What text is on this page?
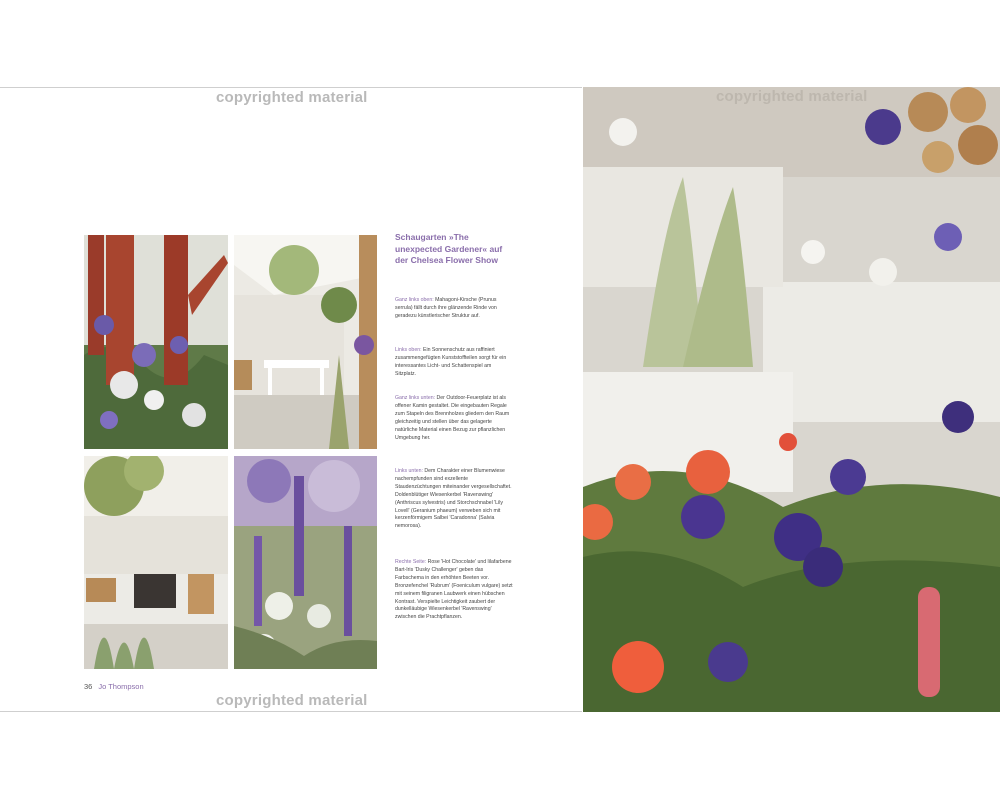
copyrighted material
copyrighted material
Schaugarten »The unexpected Gardener« auf der Chelsea Flower Show
Ganz links oben: Mahagoni-Kirsche (Prunus serrula) fällt durch ihre glänzende Rinde von geradezu künstlerischer Struktur auf.
Links oben: Ein Sonnenschutz aus raffiniert zusammengefügten Kunststoffteilen sorgt für ein interessantes Licht- und Schattenspiel am Sitzplatz.
Ganz links unten: Der Outdoor-Feuerplatz ist als offener Kamin gestaltet. Die eingebauten Regale zum Stapeln des Brennholzes gliedern den Raum gleichzeitig und stellen über das gelagerte natürliche Material einen Bezug zur pflanzlichen Umgebung her.
Links unten: Dem Charakter einer Blumenwiese nachempfunden sind exzellente Staudenzüchtungen miteinander vergesellschaftet. Doldenblütiger Wiesenkerbel 'Ravenswing' (Anthriscus sylvestris) und Storchschnabel 'Lily Lovell' (Geranium phaeum) verweben sich mit kerzenförmigem Salbei 'Caradonna' (Salvia nemorosa).
Rechte Seite: Rose 'Hot Chocolate' und lilafarbene Bart-Iris 'Dusky Challenger' geben das Farbschema in den erhöhten Beeten vor. Bronzefenchel 'Rubrum' (Foeniculum vulgare) setzt mit seinem filigranen Laubwerk einen hübschen Kontrast. Verspielte Leichtigkeit zaubert der dunkelläubige Wiesenkerbel 'Ravenswing' zwischen die Prachtpflanzen.
36 Jo Thompson
copyrighted material
